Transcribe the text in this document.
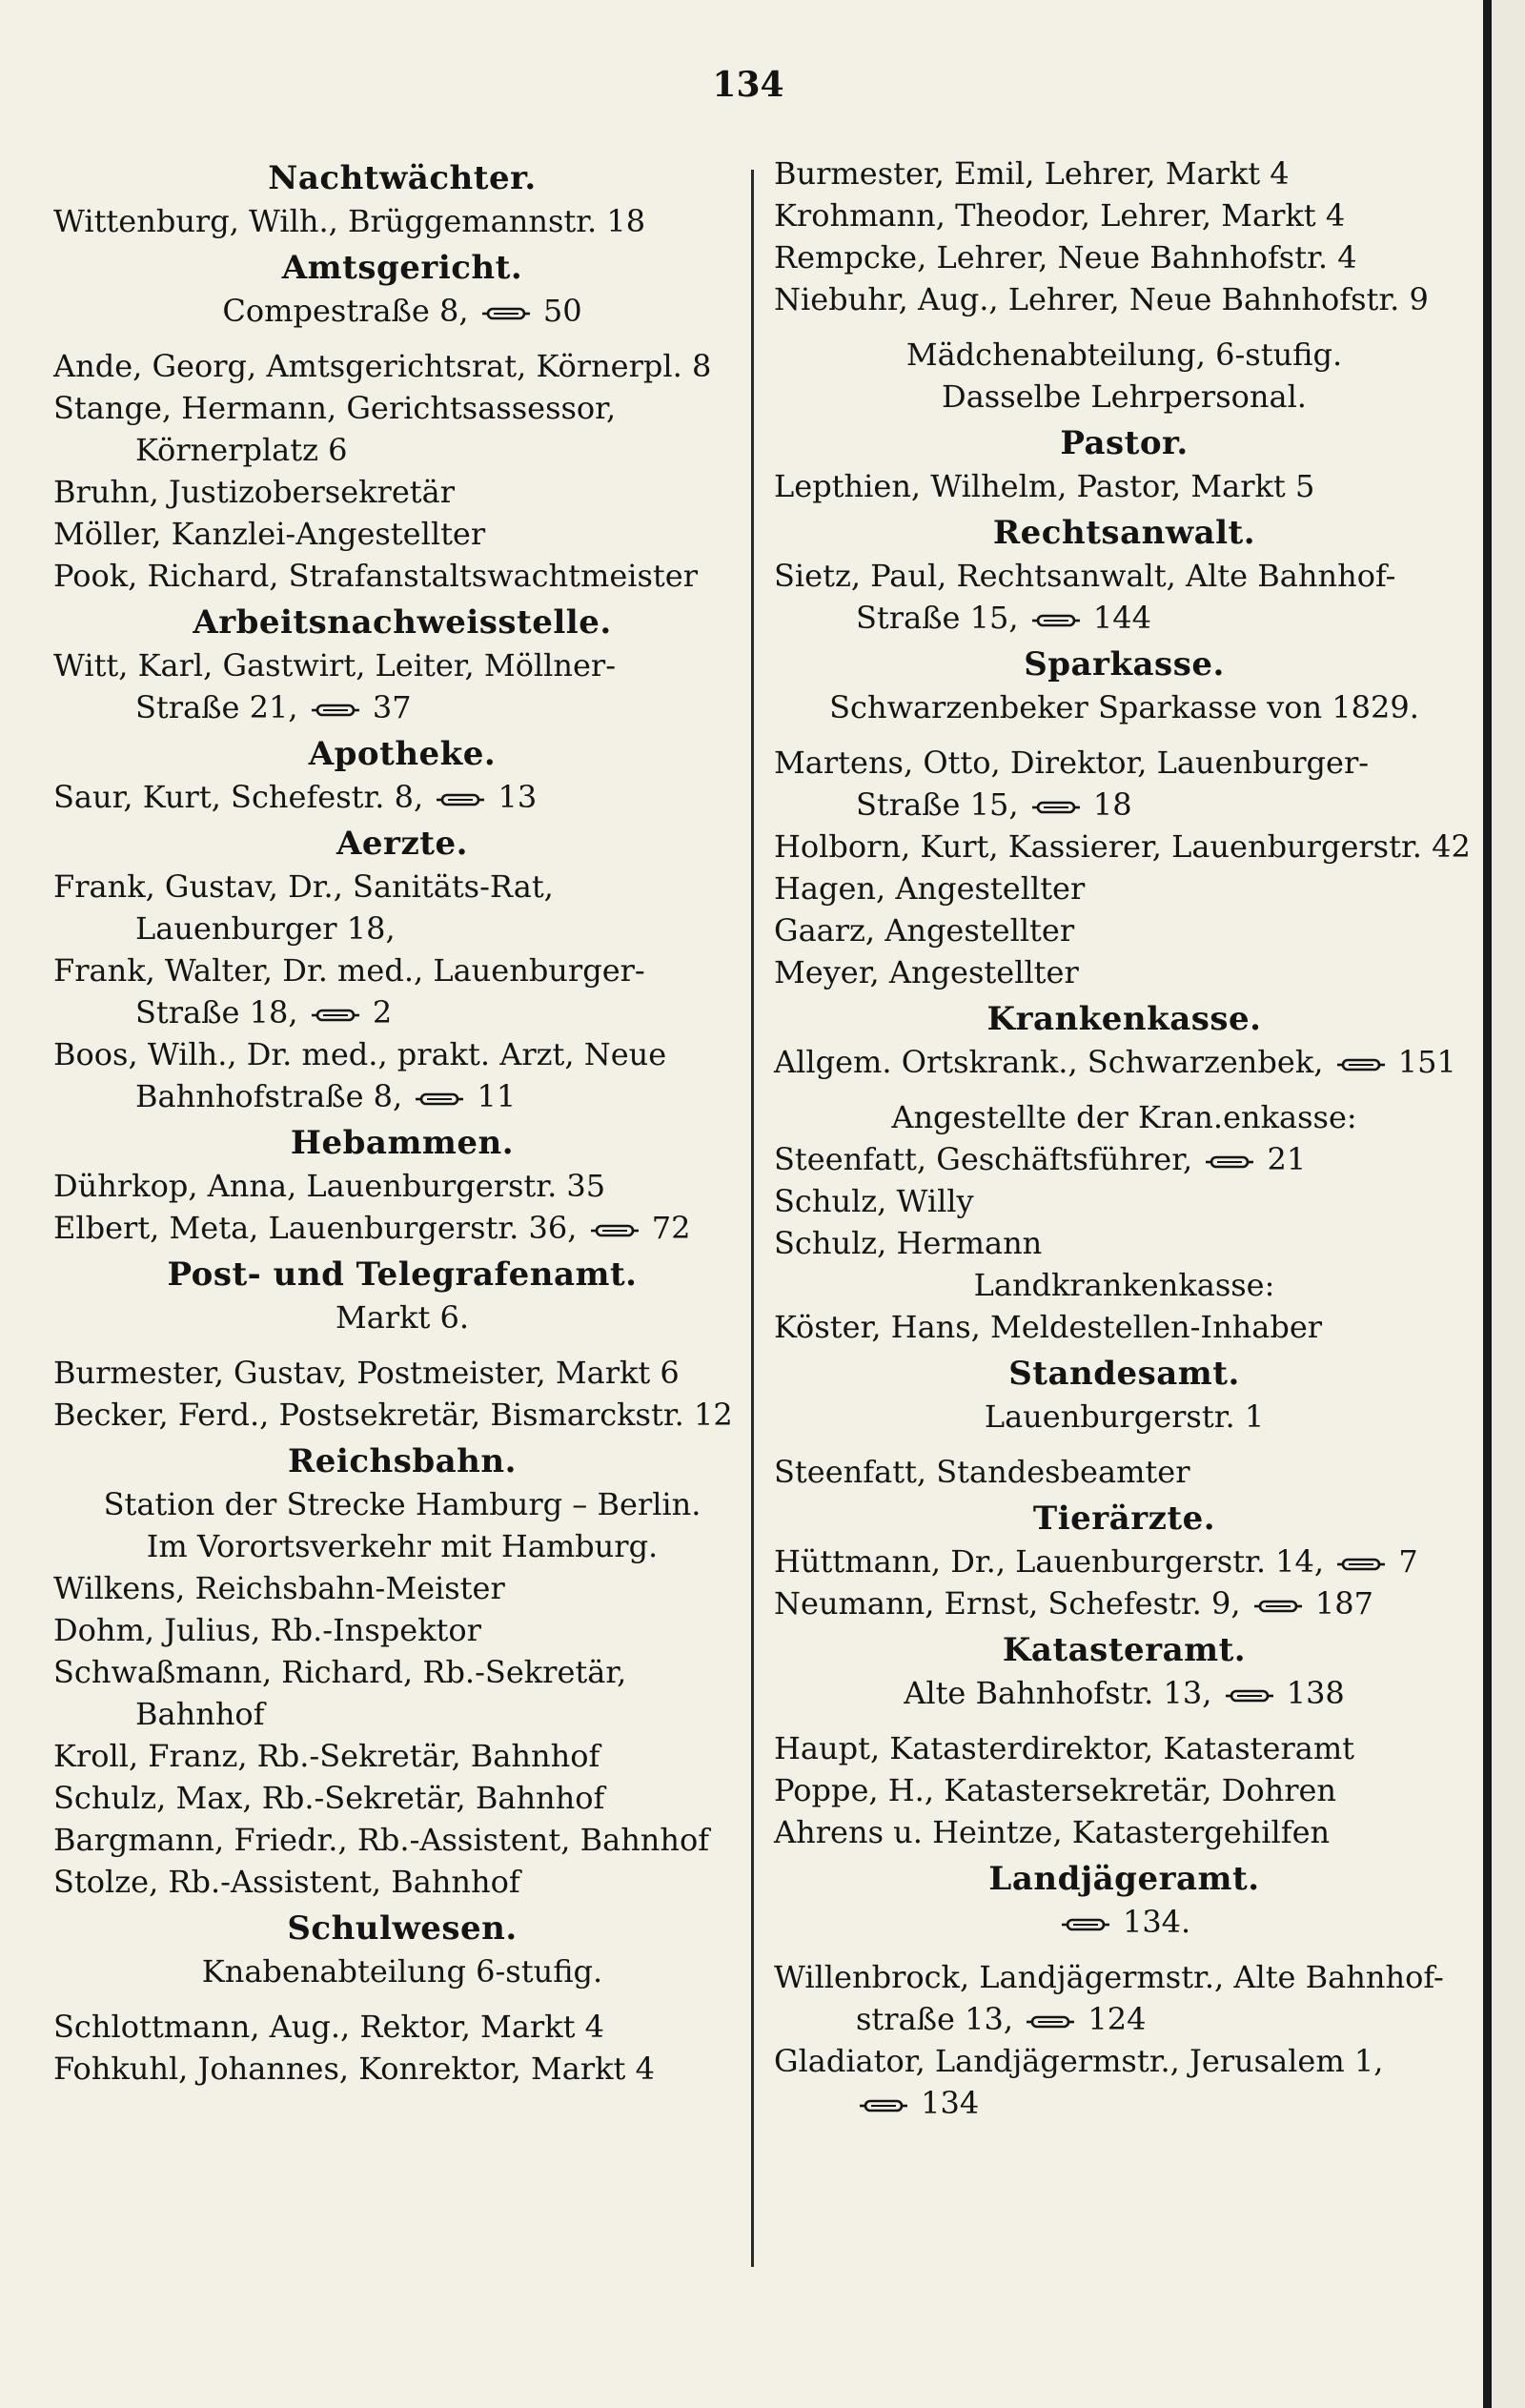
134
Nachtwächter.
Wittenburg, Wilh., Brüggemannstr. 18
Amtsgericht.
Compestraße 8,
50
Ande, Georg, Amtsgerichtsrat, Körnerpl. 8
Stange, Hermann, Gerichtsassessor,
Körnerplatz 6
Bruhn, Justizobersekretär
Möller, Kanzlei-Angestellter
Pook, Richard, Strafanstaltswachtmeister
Arbeitsnachweisstelle.
Witt, Karl, Gastwirt, Leiter, Möllner-
Straße 21,
37
Apotheke.
Saur, Kurt, Schefestr. 8,
13
Aerzte.
Frank, Gustav, Dr., Sanitäts-Rat,
Lauenburger 18,
Frank, Walter, Dr. med., Lauenburger-
Straße 18,
2
Boos, Wilh., Dr. med., prakt. Arzt, Neue
Bahnhofstraße 8,
11
Hebammen.
Dührkop, Anna, Lauenburgerstr. 35
Elbert, Meta, Lauenburgerstr. 36,
72
Post- und Telegrafenamt.
Markt 6.
Burmester, Gustav, Postmeister, Markt 6
Becker, Ferd., Postsekretär, Bismarckstr. 12
Reichsbahn.
Station der Strecke Hamburg – Berlin.
Im Vorortsverkehr mit Hamburg.
Wilkens, Reichsbahn-Meister
Dohm, Julius, Rb.-Inspektor
Schwaßmann, Richard, Rb.-Sekretär,
Bahnhof
Kroll, Franz, Rb.-Sekretär, Bahnhof
Schulz, Max, Rb.-Sekretär, Bahnhof
Bargmann, Friedr., Rb.-Assistent, Bahnhof
Stolze, Rb.-Assistent, Bahnhof
Schulwesen.
Knabenabteilung 6-stufig.
Schlottmann, Aug., Rektor, Markt 4
Fohkuhl, Johannes, Konrektor, Markt 4
Burmester, Emil, Lehrer, Markt 4
Krohmann, Theodor, Lehrer, Markt 4
Rempcke, Lehrer, Neue Bahnhofstr. 4
Niebuhr, Aug., Lehrer, Neue Bahnhofstr. 9
Mädchenabteilung, 6-stufig.
Dasselbe Lehrpersonal.
Pastor.
Lepthien, Wilhelm, Pastor, Markt 5
Rechtsanwalt.
Sietz, Paul, Rechtsanwalt, Alte Bahnhof-
Straße 15,
144
Sparkasse.
Schwarzenbeker Sparkasse von 1829.
Martens, Otto, Direktor, Lauenburger-
Straße 15,
18
Holborn, Kurt, Kassierer, Lauenburgerstr. 42
Hagen, Angestellter
Gaarz, Angestellter
Meyer, Angestellter
Krankenkasse.
Allgem. Ortskrank., Schwarzenbek,
151
Angestellte der Kran.enkasse:
Steenfatt, Geschäftsführer,
21
Schulz, Willy
Schulz, Hermann
Landkrankenkasse:
Köster, Hans, Meldestellen-Inhaber
Standesamt.
Lauenburgerstr. 1
Steenfatt, Standesbeamter
Tierärzte.
Hüttmann, Dr., Lauenburgerstr. 14,
7
Neumann, Ernst, Schefestr. 9,
187
Katasteramt.
Alte Bahnhofstr. 13,
138
Haupt, Katasterdirektor, Katasteramt
Poppe, H., Katastersekretär, Dohren
Ahrens u. Heintze, Katastergehilfen
Landjägeramt.
134.
Willenbrock, Landjägermstr., Alte Bahnhof-
straße 13,
124
Gladiator, Landjägermstr., Jerusalem 1,
134
